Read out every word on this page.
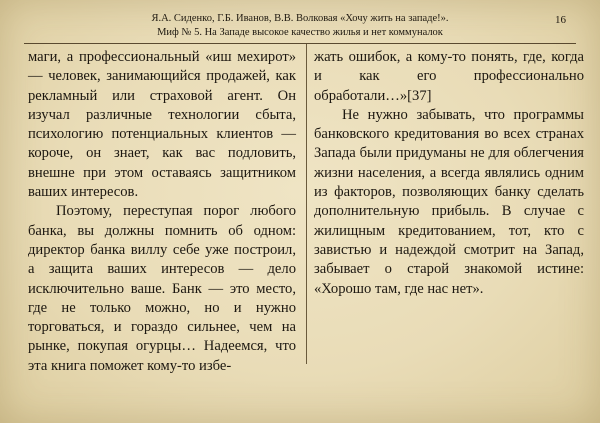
Я.А. Сиденко, Г.Б. Иванов, В.В. Волковая «Хочу жить на западе!».
Миф № 5. На Западе высокое качество жилья и нет коммуналок
16

маги, а профессиональный «иш мехирот» — человек, занимающийся продажей, как рекламный или страховой агент. Он изучал различные технологии сбыта, психологию потенциальных клиентов — короче, он знает, как вас подловить, внешне при этом оставаясь защитником ваших интересов.

Поэтому, переступая порог любого банка, вы должны помнить об одном: директор банка виллу себе уже построил, а защита ваших интересов — дело исключительно ваше. Банк — это место, где не только можно, но и нужно торговаться, и гораздо сильнее, чем на рынке, покупая огурцы… Надеемся, что эта книга поможет кому-то избе-

жать ошибок, а кому-то понять, где, когда и как его профессионально обработали…»[37]

Не нужно забывать, что программы банковского кредитования во всех странах Запада были придуманы не для облегчения жизни населения, а всегда являлись одним из факторов, позволяющих банку сделать дополнительную прибыль. В случае с жилищным кредитованием, тот, кто с завистью и надеждой смотрит на Запад, забывает о старой знакомой истине: «Хорошо там, где нас нет».
